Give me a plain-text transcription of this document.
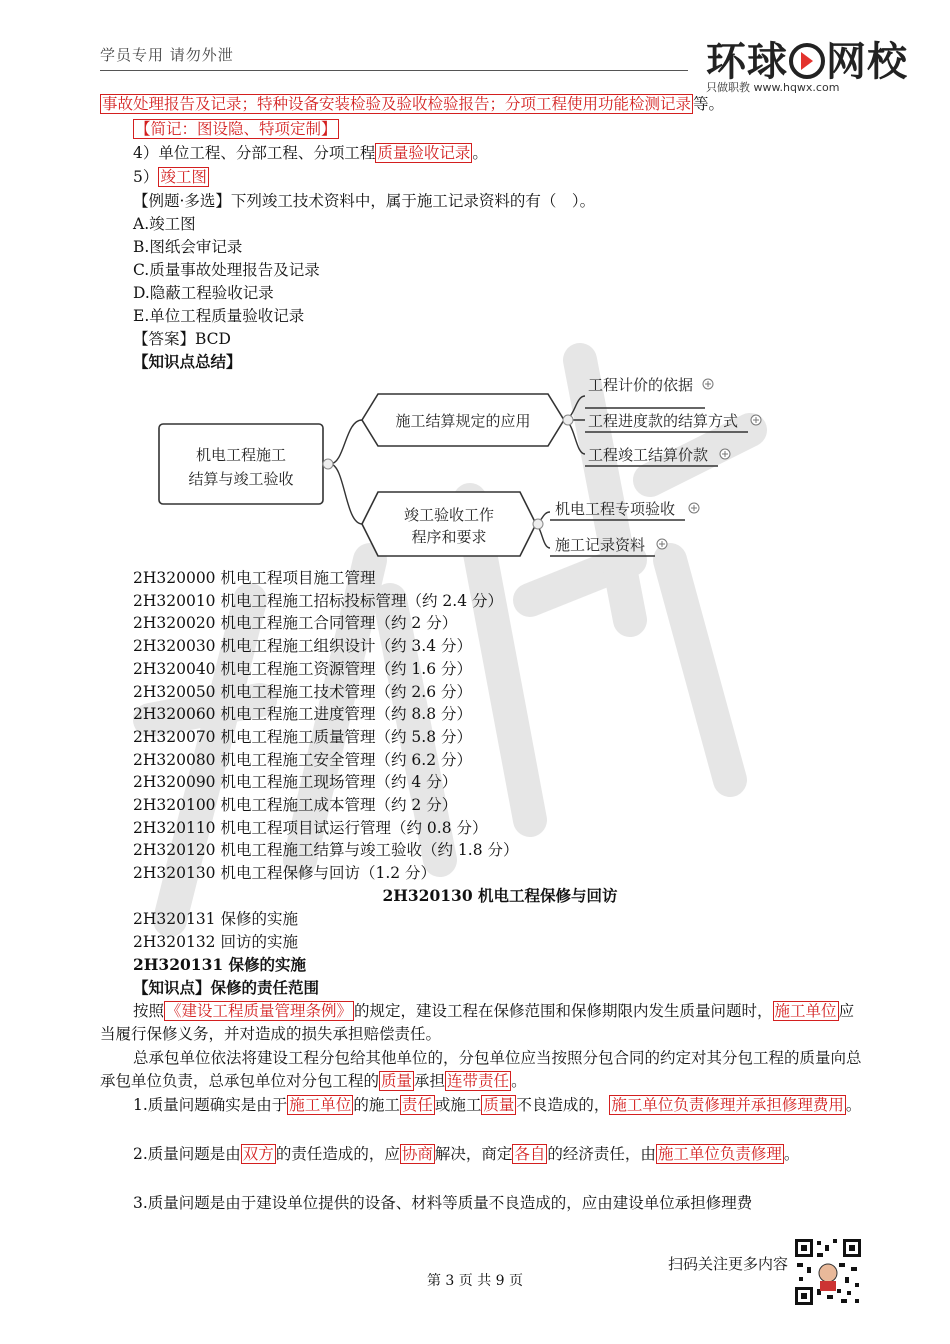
学员专用 请勿外泄	环球 网校
只做职教 www.hqwx.com
事故处理报告及记录；特种设备安装检验及验收检验报告；分项工程使用功能检测记录 等。
【简记：图设隐、特项定制】
4）单位工程、分部工程、分项工程 质量验收记录 。
5） 竣工图
【例题·多选】下列竣工技术资料中，属于施工记录资料的有（　）。
A.竣工图
B.图纸会审记录
C.质量事故处理报告及记录
D.隐蔽工程验收记录
E.单位工程质量验收记录
【答案】BCD
【知识点总结】
机电工程施工
结算与竣工验收
施工结算规定的应用
竣工验收工作
程序和要求
工程计价的依据
工程进度款的结算方式
工程竣工结算价款
机电工程专项验收
施工记录资料
2H320000 机电工程项目施工管理
2H320010 机电工程施工招标投标管理（约 2.4 分）
2H320020 机电工程施工合同管理（约 2 分）
2H320030 机电工程施工组织设计（约 3.4 分）
2H320040 机电工程施工资源管理（约 1.6 分）
2H320050 机电工程施工技术管理（约 2.6 分）
2H320060 机电工程施工进度管理（约 8.8 分）
2H320070 机电工程施工质量管理（约 5.8 分）
2H320080 机电工程施工安全管理（约 6.2 分）
2H320090 机电工程施工现场管理（约 4 分）
2H320100 机电工程施工成本管理（约 2 分）
2H320110 机电工程项目试运行管理（约 0.8 分）
2H320120 机电工程施工结算与竣工验收（约 1.8 分）
2H320130 机电工程保修与回访（1.2 分）
2H320130 机电工程保修与回访
2H320131 保修的实施
2H320132 回访的实施
2H320131 保修的实施
【知识点】保修的责任范围
按照 《建设工程质量管理条例》 的规定，建设工程在保修范围和保修期限内发生质量问题时， 施工单位 应当履行保修义务，并对造成的损失承担赔偿责任。
总承包单位依法将建设工程分包给其他单位的，分包单位应当按照分包合同的约定对其分包工程的质量向总承包单位负责，总承包单位对分包工程的 质量 承担 连带责任 。
1.质量问题确实是由于 施工单位 的施工 责任 或施工 质量 不良造成的， 施工单位负责修理并承担修理费用 。
2.质量问题是由 双方 的责任造成的，应 协商 解决，商定 各自 的经济责任，由 施工单位负责修理 。
3.质量问题是由于建设单位提供的设备、材料等质量不良造成的，应由建设单位承担修理费
扫码关注更多内容
第 3 页 共 9 页
